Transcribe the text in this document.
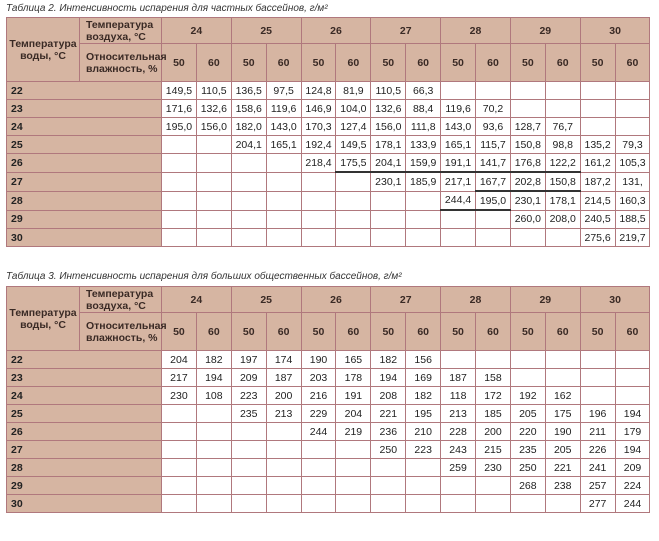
Таблица 2. Интенсивность испарения для частных бассейнов, г/м²
Температура воды, °С	Температура воздуха, °С	24		25		26		27		28		29		30	
	Относительная влажность, %	50	60	50	60	50	60	50	60	50	60	50	60	50	60
22		149,5	110,5	136,5	97,5	124,8	81,9	110,5	66,3						
23		171,6	132,6	158,6	119,6	146,9	104,0	132,6	88,4	119,6	70,2				
24		195,0	156,0	182,0	143,0	170,3	127,4	156,0	111,8	143,0	93,6	128,7	76,7		
25				204,1	165,1	192,4	149,5	178,1	133,9	165,1	115,7	150,8	98,8	135,2	79,3
26						218,4	175,5	204,1	159,9	191,1	141,7	176,8	122,2	161,2	105,3
27								230,1	185,9	217,1	167,7	202,8	150,8	187,2	131,
28										244,4	195,0	230,1	178,1	214,5	160,3
29												260,0	208,0	240,5	188,5
30														275,6	219,7
Таблица 3. Интенсивность испарения для больших общественных бассейнов, г/м²
Температура воды, °С	Температура воздуха, °С	24		25		26		27		28		29		30	
	Относительная влажность, %	50	60	50	60	50	60	50	60	50	60	50	60	50	60
22		204	182	197	174	190	165	182	156						
23		217	194	209	187	203	178	194	169	187	158				
24		230	108	223	200	216	191	208	182	118	172	192	162		
25				235	213	229	204	221	195	213	185	205	175	196	194
26						244	219	236	210	228	200	220	190	211	179
27								250	223	243	215	235	205	226	194
28										259	230	250	221	241	209
29												268	238	257	224
30														277	244
